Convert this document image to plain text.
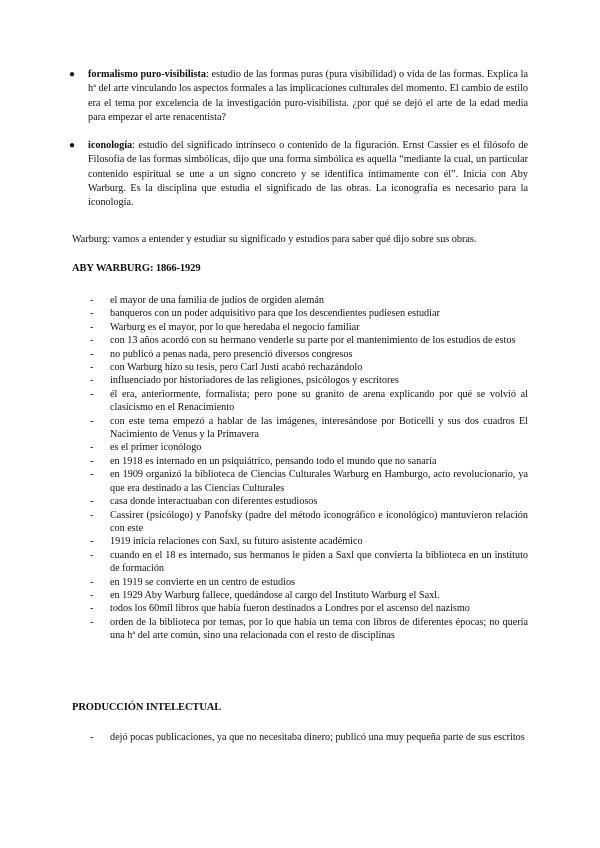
● formalismo puro-visibilista: estudio de las formas puras (pura visibilidad) o vida de las formas. Explica la hª del arte vinculando los aspectos formales a las implicaciones culturales del momento. El cambio de estilo era el tema por excelencia de la investigación puro-visibilista. ¿por qué se dejó el arte de la edad media para empezar el arte renacentista?

● iconología: estudio del significado intrínseco o contenido de la figuración. Ernst Cassier es el filósofo de Filosofía de las formas simbólicas, dijo que una forma simbólica es aquella “mediante la cual, un particular contenido espiritual se une a un signo concreto y se identifica íntimamente con él”. Inicia con Aby Warburg. Es la disciplina que estudia el significado de las obras. La iconografía es necesario para la iconología.

Warburg: vamos a entender y estudiar su significado y estudios para saber qué dijo sobre sus obras.
ABY WARBURG: 1866-1929
- el mayor de una familia de judíos de orgiden alemán
- banqueros con un poder adquisitivo para que los descendientes pudiesen estudiar
- Warburg es el mayor, por lo que heredaba el negocio familiar
- con 13 años acordó con su hermano venderle su parte por el mantenimiento de los estudios de estos
- no publicó a penas nada, pero presenció diversos congresos
- con Warburg hizo su tesis, pero Carl Justi acabó rechazándolo
- influenciado por historiadores de las religiones, psicólogos y escritores
- él era, anteriormente, formalista; pero pone su granito de arena explicando por qué se volvió al clasicismo en el Renacimiento
- con este tema empezó a hablar de las imágenes, interesándose por Boticelli y sus dos cuadros El Nacimiento de Venus y la Primavera
- es el primer iconólogo
- en 1918 es internado en un psiquiátrico, pensando todo el mundo que no sanaría
- en 1909 organizó la biblioteca de Ciencias Culturales Warburg en Hamburgo, acto revolucionario, ya que era destinado a las Ciencias Culturales
- casa donde interactuaban con diferentes estudiosos
- Cassirer (psicólogo) y Panofsky (padre del método iconográfico e iconológico) mantuvieron relación con este
- 1919 inicia relaciones con Saxl, su futuro asistente académico
- cuando en el 18 es internado, sus hermanos le piden a Saxl que convierta la biblioteca en un instituto de formación
- en 1919 se convierte en un centro de estudios
- en 1929 Aby Warburg fallece, quedándose al cargo del Instituto Warburg el Saxl.
- todos los 60mil libros que había fueron destinados a Londres por el ascenso del nazismo
- orden de la biblioteca por temas, por lo que había un tema con libros de diferentes épocas; no quería una hª del arte común, sino una relacionada con el resto de disciplinas
PRODUCCIÓN INTELECTUAL
- dejó pocas publicaciones, ya que no necesitaba dinero; publicó una muy pequeña parte de sus escritos
